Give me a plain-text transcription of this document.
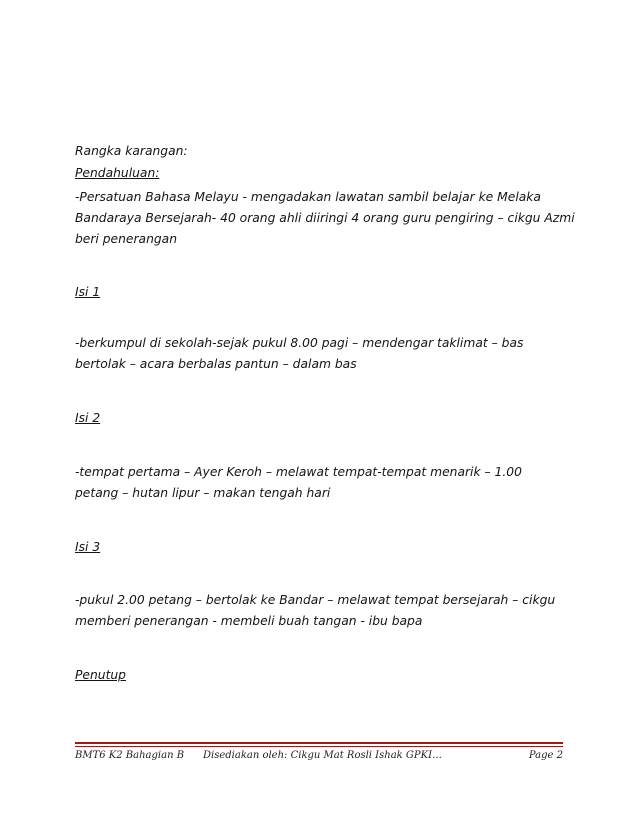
Rangka karangan:

Pendahuluan:

-Persatuan Bahasa Melayu - mengadakan lawatan sambil belajar ke Melaka

Bandaraya Bersejarah- 40 orang ahli diiringi 4 orang guru pengiring – cikgu Azmi

beri penerangan

Isi 1

-berkumpul di sekolah-sejak pukul 8.00 pagi – mendengar taklimat – bas

bertolak – acara berbalas pantun – dalam bas

Isi 2

-tempat pertama – Ayer Keroh – melawat tempat-tempat menarik – 1.00

petang – hutan lipur – makan tengah hari

Isi 3

-pukul 2.00 petang – bertolak ke Bandar – melawat tempat bersejarah – cikgu

memberi penerangan - membeli buah tangan - ibu bapa

Penutup

BMT6 K2 Bahagian B Disediakan oleh: Cikgu Mat Rosli Ishak GPKI…	Page 2
